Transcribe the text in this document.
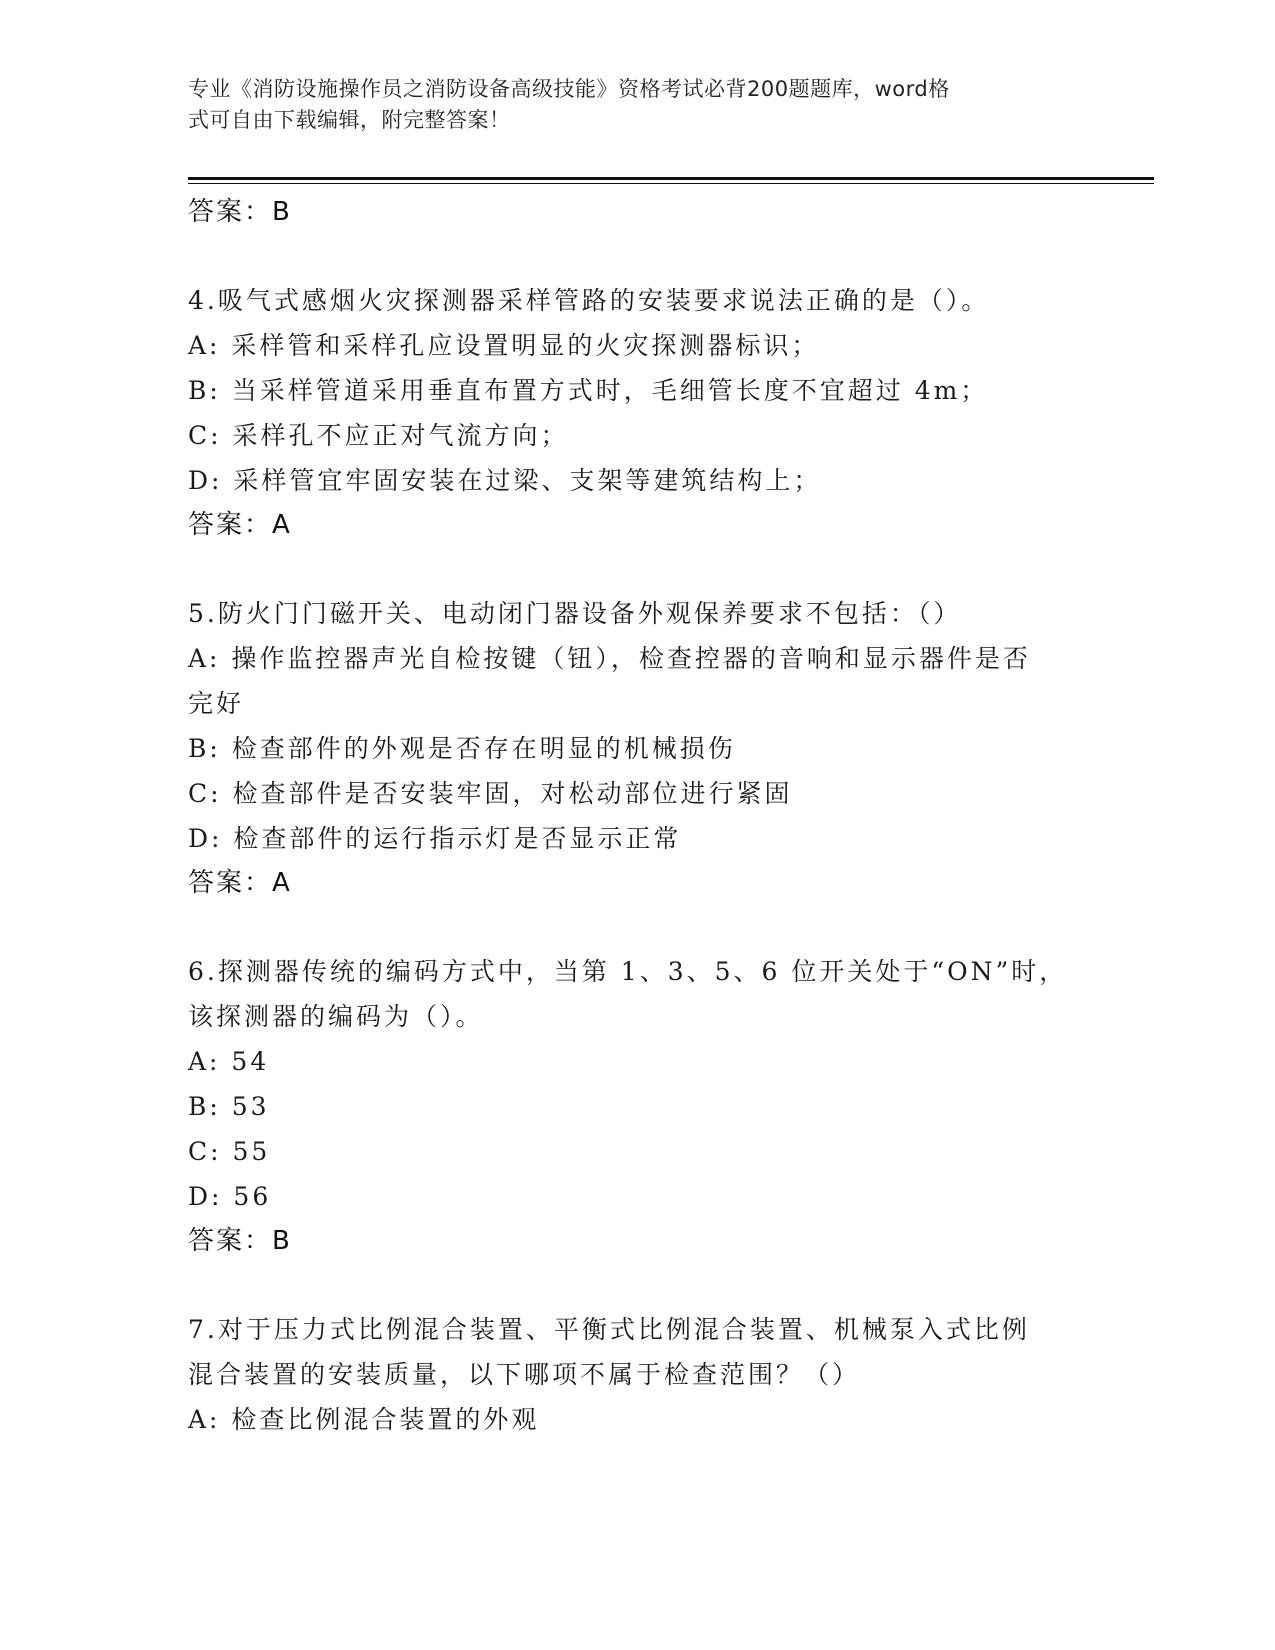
专业《消防设施操作员之消防设备高级技能》资格考试必背200题题库，word格
式可自由下载编辑，附完整答案！
答案：B
4.吸气式感烟火灾探测器采样管路的安装要求说法正确的是（）。
A: 采样管和采样孔应设置明显的火灾探测器标识；
B: 当采样管道采用垂直布置方式时，毛细管长度不宜超过 4m；
C: 采样孔不应正对气流方向；
D: 采样管宜牢固安装在过梁、支架等建筑结构上；
答案：A
5.防火门门磁开关、电动闭门器设备外观保养要求不包括：（）
A: 操作监控器声光自检按键（钮），检查控器的音响和显示器件是否
完好
B: 检查部件的外观是否存在明显的机械损伤
C: 检查部件是否安装牢固，对松动部位进行紧固
D: 检查部件的运行指示灯是否显示正常
答案：A
6.探测器传统的编码方式中，当第 1、3、5、6 位开关处于“ON”时，
该探测器的编码为（）。
A: 54
B: 53
C: 55
D: 56
答案：B
7.对于压力式比例混合装置、平衡式比例混合装置、机械泵入式比例
混合装置的安装质量，以下哪项不属于检查范围？（）
A: 检查比例混合装置的外观
